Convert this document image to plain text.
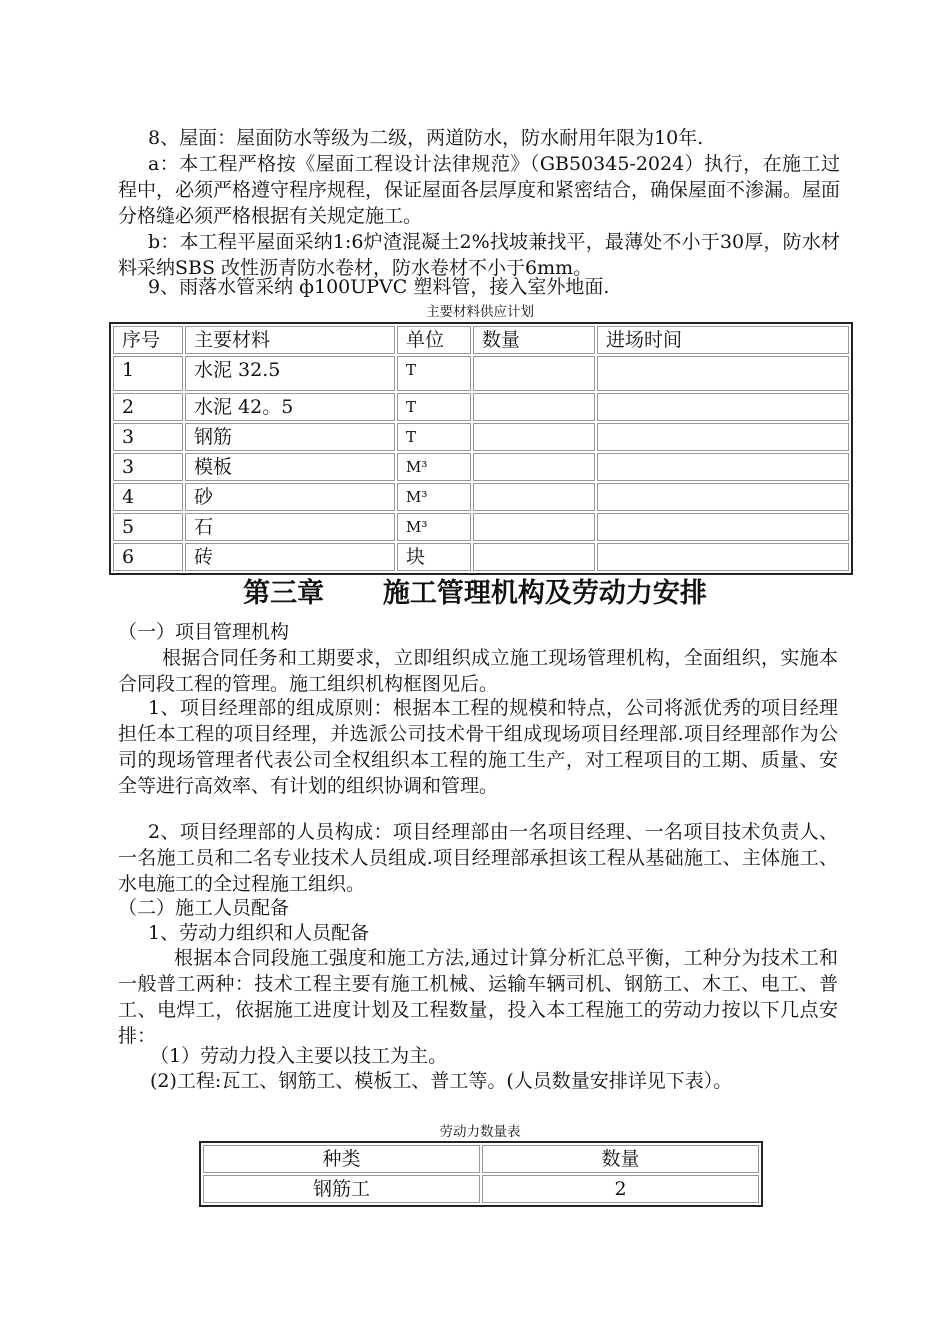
8、屋面：屋面防水等级为二级，两道防水，防水耐用年限为10年.

a：本工程严格按《屋面工程设计法律规范》（GB50345-2024）执行，在施工过程中，必须严格遵守程序规程，保证屋面各层厚度和紧密结合，确保屋面不渗漏。屋面分格缝必须严格根据有关规定施工。

b：本工程平屋面采纳1:6炉渣混凝土2%找坡兼找平，最薄处不小于30厚，防水材料采纳SBS 改性沥青防水卷材，防水卷材不小于6mm。

9、雨落水管采纳 ф100UPVC 塑料管，接入室外地面.

主要材料供应计划

序号	主要材料	单位	数量	进场时间
1	水泥 32.5	T		
2	水泥 42。5	T		
3	钢筋	T		
3	模板	M³		
4	砂	M³		
5	石	M³		
6	砖	块		
第三章 施工管理机构及劳动力安排

（一）项目管理机构

根据合同任务和工期要求，立即组织成立施工现场管理机构，全面组织，实施本合同段工程的管理。施工组织机构框图见后。

1、项目经理部的组成原则：根据本工程的规模和特点，公司将派优秀的项目经理担任本工程的项目经理，并选派公司技术骨干组成现场项目经理部.项目经理部作为公司的现场管理者代表公司全权组织本工程的施工生产，对工程项目的工期、质量、安全等进行高效率、有计划的组织协调和管理。

2、项目经理部的人员构成：项目经理部由一名项目经理、一名项目技术负责人、一名施工员和二名专业技术人员组成.项目经理部承担该工程从基础施工、主体施工、水电施工的全过程施工组织。

（二）施工人员配备

1、劳动力组织和人员配备

根据本合同段施工强度和施工方法,通过计算分析汇总平衡，工种分为技术工和一般普工两种：技术工程主要有施工机械、运输车辆司机、钢筋工、木工、电工、普工、电焊工，依据施工进度计划及工程数量，投入本工程施工的劳动力按以下几点安排：

（1）劳动力投入主要以技工为主。

(2)工程:瓦工、钢筋工、模板工、普工等。(人员数量安排详见下表）。

劳动力数量表

种类	数量
钢筋工	2
